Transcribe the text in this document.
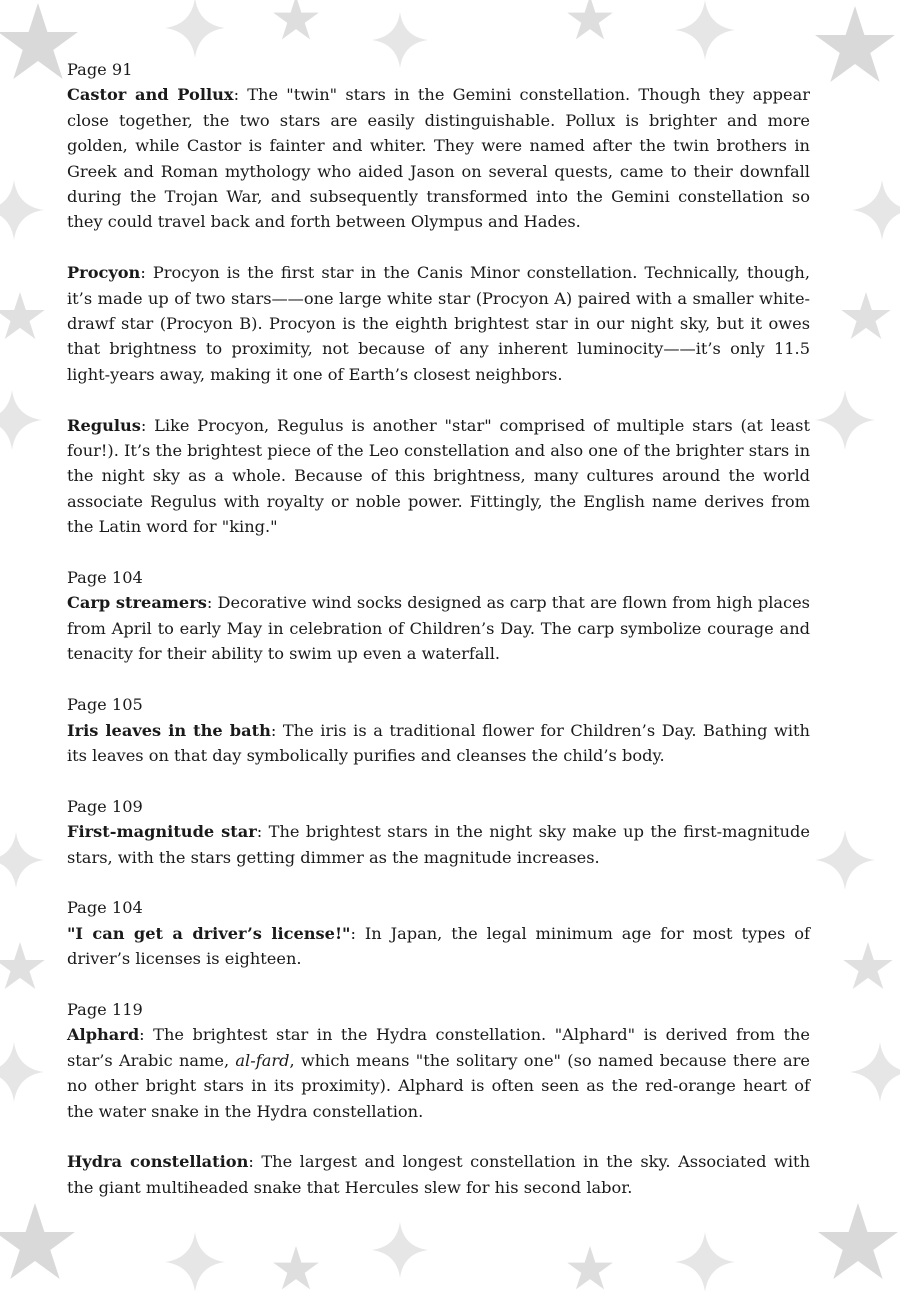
Page 91

Castor and Pollux: The "twin" stars in the Gemini constellation. Though they appear close together, the two stars are easily distinguishable. Pollux is brighter and more golden, while Castor is fainter and whiter. They were named after the twin brothers in Greek and Roman mythology who aided Jason on several quests, came to their downfall during the Trojan War, and subsequently transformed into the Gemini constellation so they could travel back and forth between Olympus and Hades.

Procyon: Procyon is the first star in the Canis Minor constellation. Technically, though, it’s made up of two stars——one large white star (Procyon A) paired with a smaller white-drawf star (Procyon B). Procyon is the eighth brightest star in our night sky, but it owes that brightness to proximity, not because of any inherent luminocity——it’s only 11.5 light-years away, making it one of Earth’s closest neighbors.

Regulus: Like Procyon, Regulus is another "star" comprised of multiple stars (at least four!). It’s the brightest piece of the Leo constellation and also one of the brighter stars in the night sky as a whole. Because of this brightness, many cultures around the world associate Regulus with royalty or noble power. Fittingly, the English name derives from the Latin word for "king."

Page 104

Carp streamers: Decorative wind socks designed as carp that are flown from high places from April to early May in celebration of Children’s Day. The carp symbolize courage and tenacity for their ability to swim up even a waterfall.

Page 105

Iris leaves in the bath: The iris is a traditional flower for Children’s Day. Bathing with its leaves on that day symbolically purifies and cleanses the child’s body.

Page 109

First-magnitude star: The brightest stars in the night sky make up the first-magnitude stars, with the stars getting dimmer as the magnitude increases.

Page 104

"I can get a driver’s license!": In Japan, the legal minimum age for most types of driver’s licenses is eighteen.

Page 119

Alphard: The brightest star in the Hydra constellation. "Alphard" is derived from the star’s Arabic name, al-fard, which means "the solitary one" (so named because there are no other bright stars in its proximity). Alphard is often seen as the red-orange heart of the water snake in the Hydra constellation.

Hydra constellation: The largest and longest constellation in the sky. Associated with the giant multiheaded snake that Hercules slew for his second labor.
